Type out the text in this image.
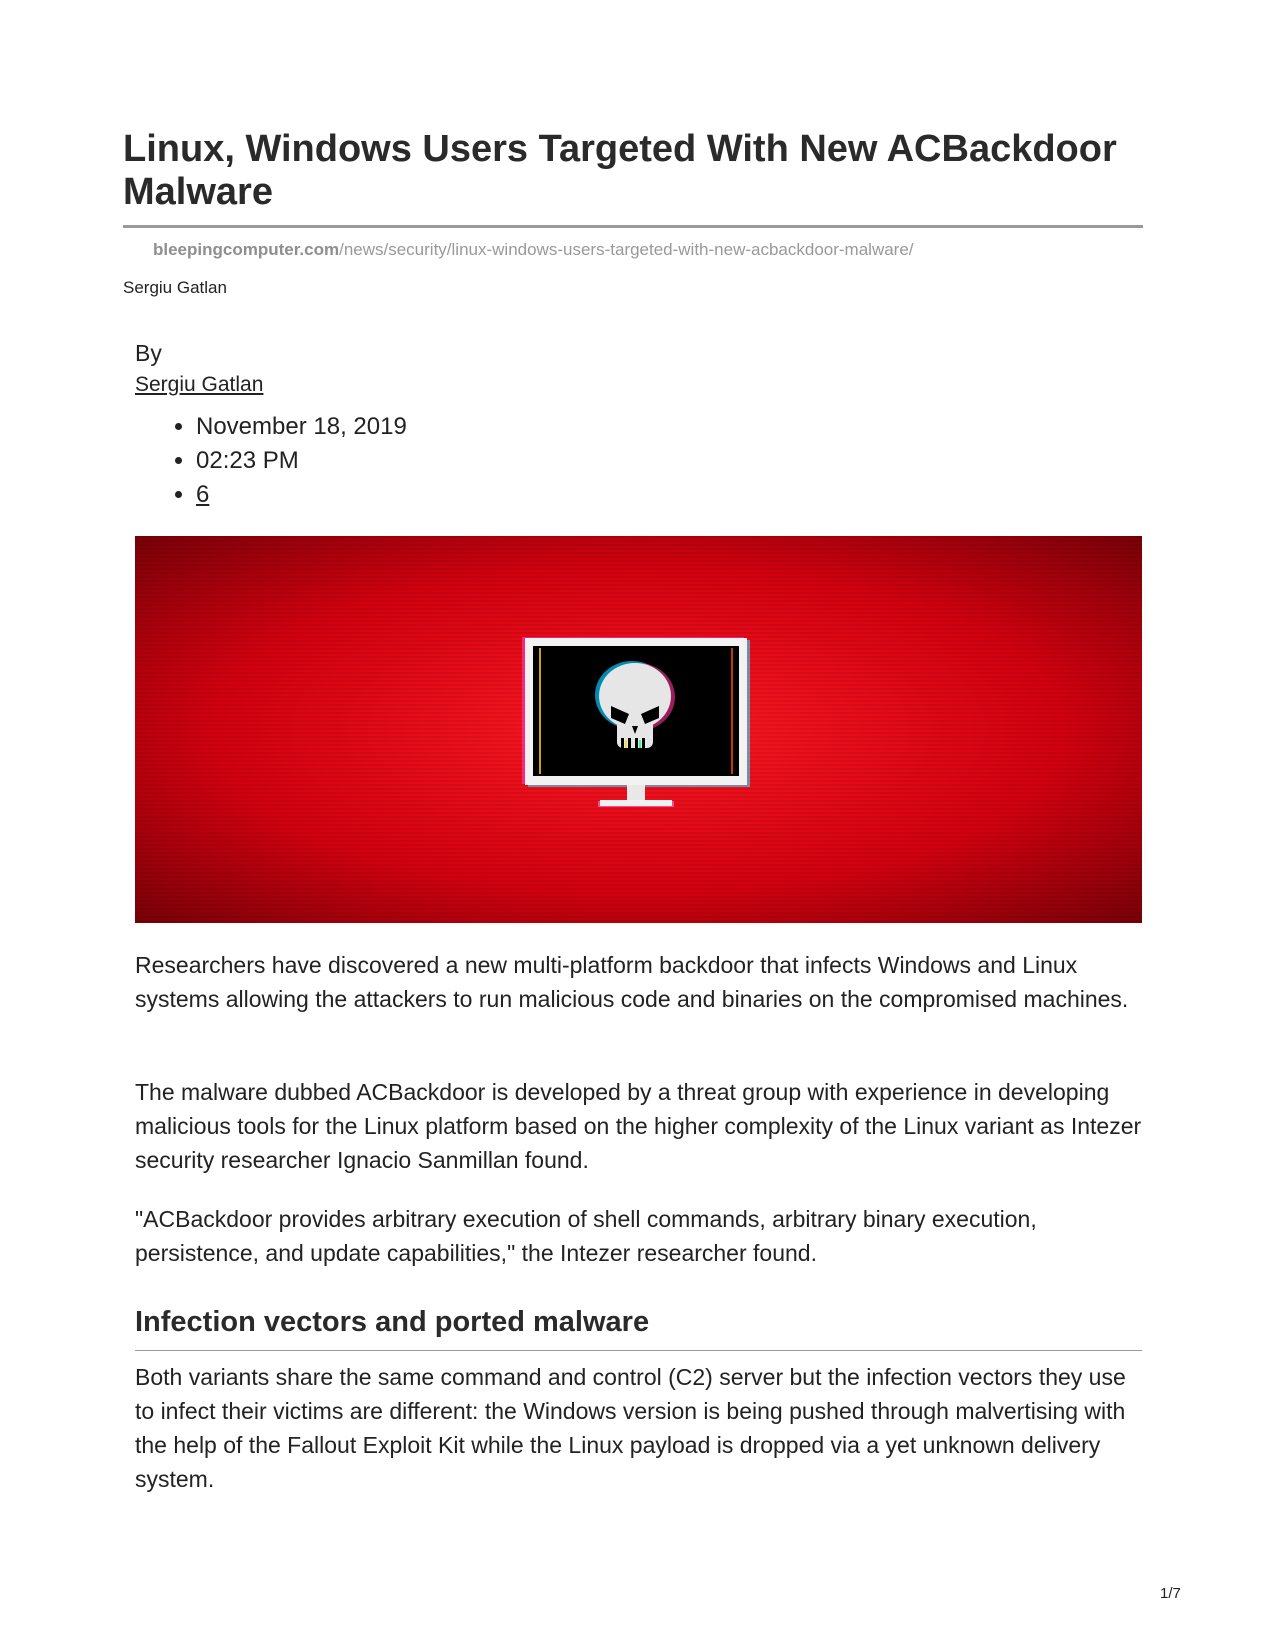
Linux, Windows Users Targeted With New ACBackdoor Malware
bleepingcomputer.com/news/security/linux-windows-users-targeted-with-new-acbackdoor-malware/
Sergiu Gatlan
By
Sergiu Gatlan
• November 18, 2019
• 02:23 PM
• 6

Researchers have discovered a new multi-platform backdoor that infects Windows and Linux systems allowing the attackers to run malicious code and binaries on the compromised machines.

The malware dubbed ACBackdoor is developed by a threat group with experience in developing malicious tools for the Linux platform based on the higher complexity of the Linux variant as Intezer security researcher Ignacio Sanmillan found.

"ACBackdoor provides arbitrary execution of shell commands, arbitrary binary execution, persistence, and update capabilities," the Intezer researcher found.

Infection vectors and ported malware

Both variants share the same command and control (C2) server but the infection vectors they use to infect their victims are different: the Windows version is being pushed through malvertising with the help of the Fallout Exploit Kit while the Linux payload is dropped via a yet unknown delivery system.

1/7
